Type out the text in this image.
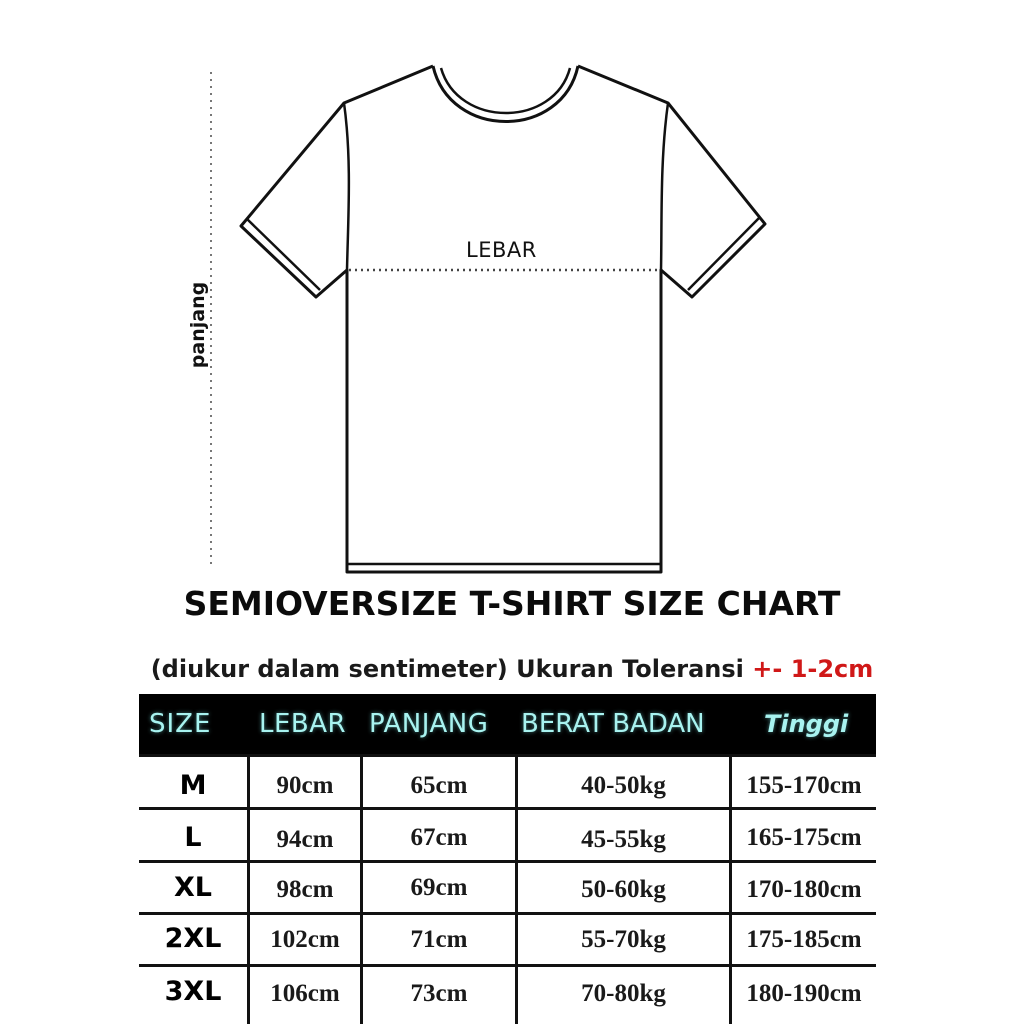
LEBAR
panjang
SEMIOVERSIZE T-SHIRT SIZE CHART
(diukur dalam sentimeter) Ukuran Toleransi +- 1-2cm
SIZE LEBAR PANJANG BERAT BADAN Tinggi
M	90cm	65cm	40-50kg	155-170cm
L	94cm	67cm	45-55kg	165-175cm
XL	98cm	69cm	50-60kg	170-180cm
2XL	102cm	71cm	55-70kg	175-185cm
3XL	106cm	73cm	70-80kg	180-190cm
